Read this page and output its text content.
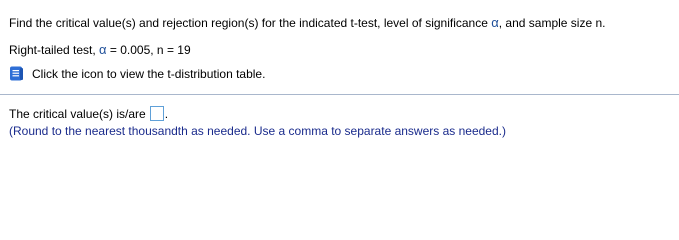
Find the critical value(s) and rejection region(s) for the indicated t-test, level of significance α, and sample size n.
Right-tailed test, α = 0.005, n = 19
Click the icon to view the t-distribution table.
The critical value(s) is/are .
(Round to the nearest thousandth as needed. Use a comma to separate answers as needed.)
